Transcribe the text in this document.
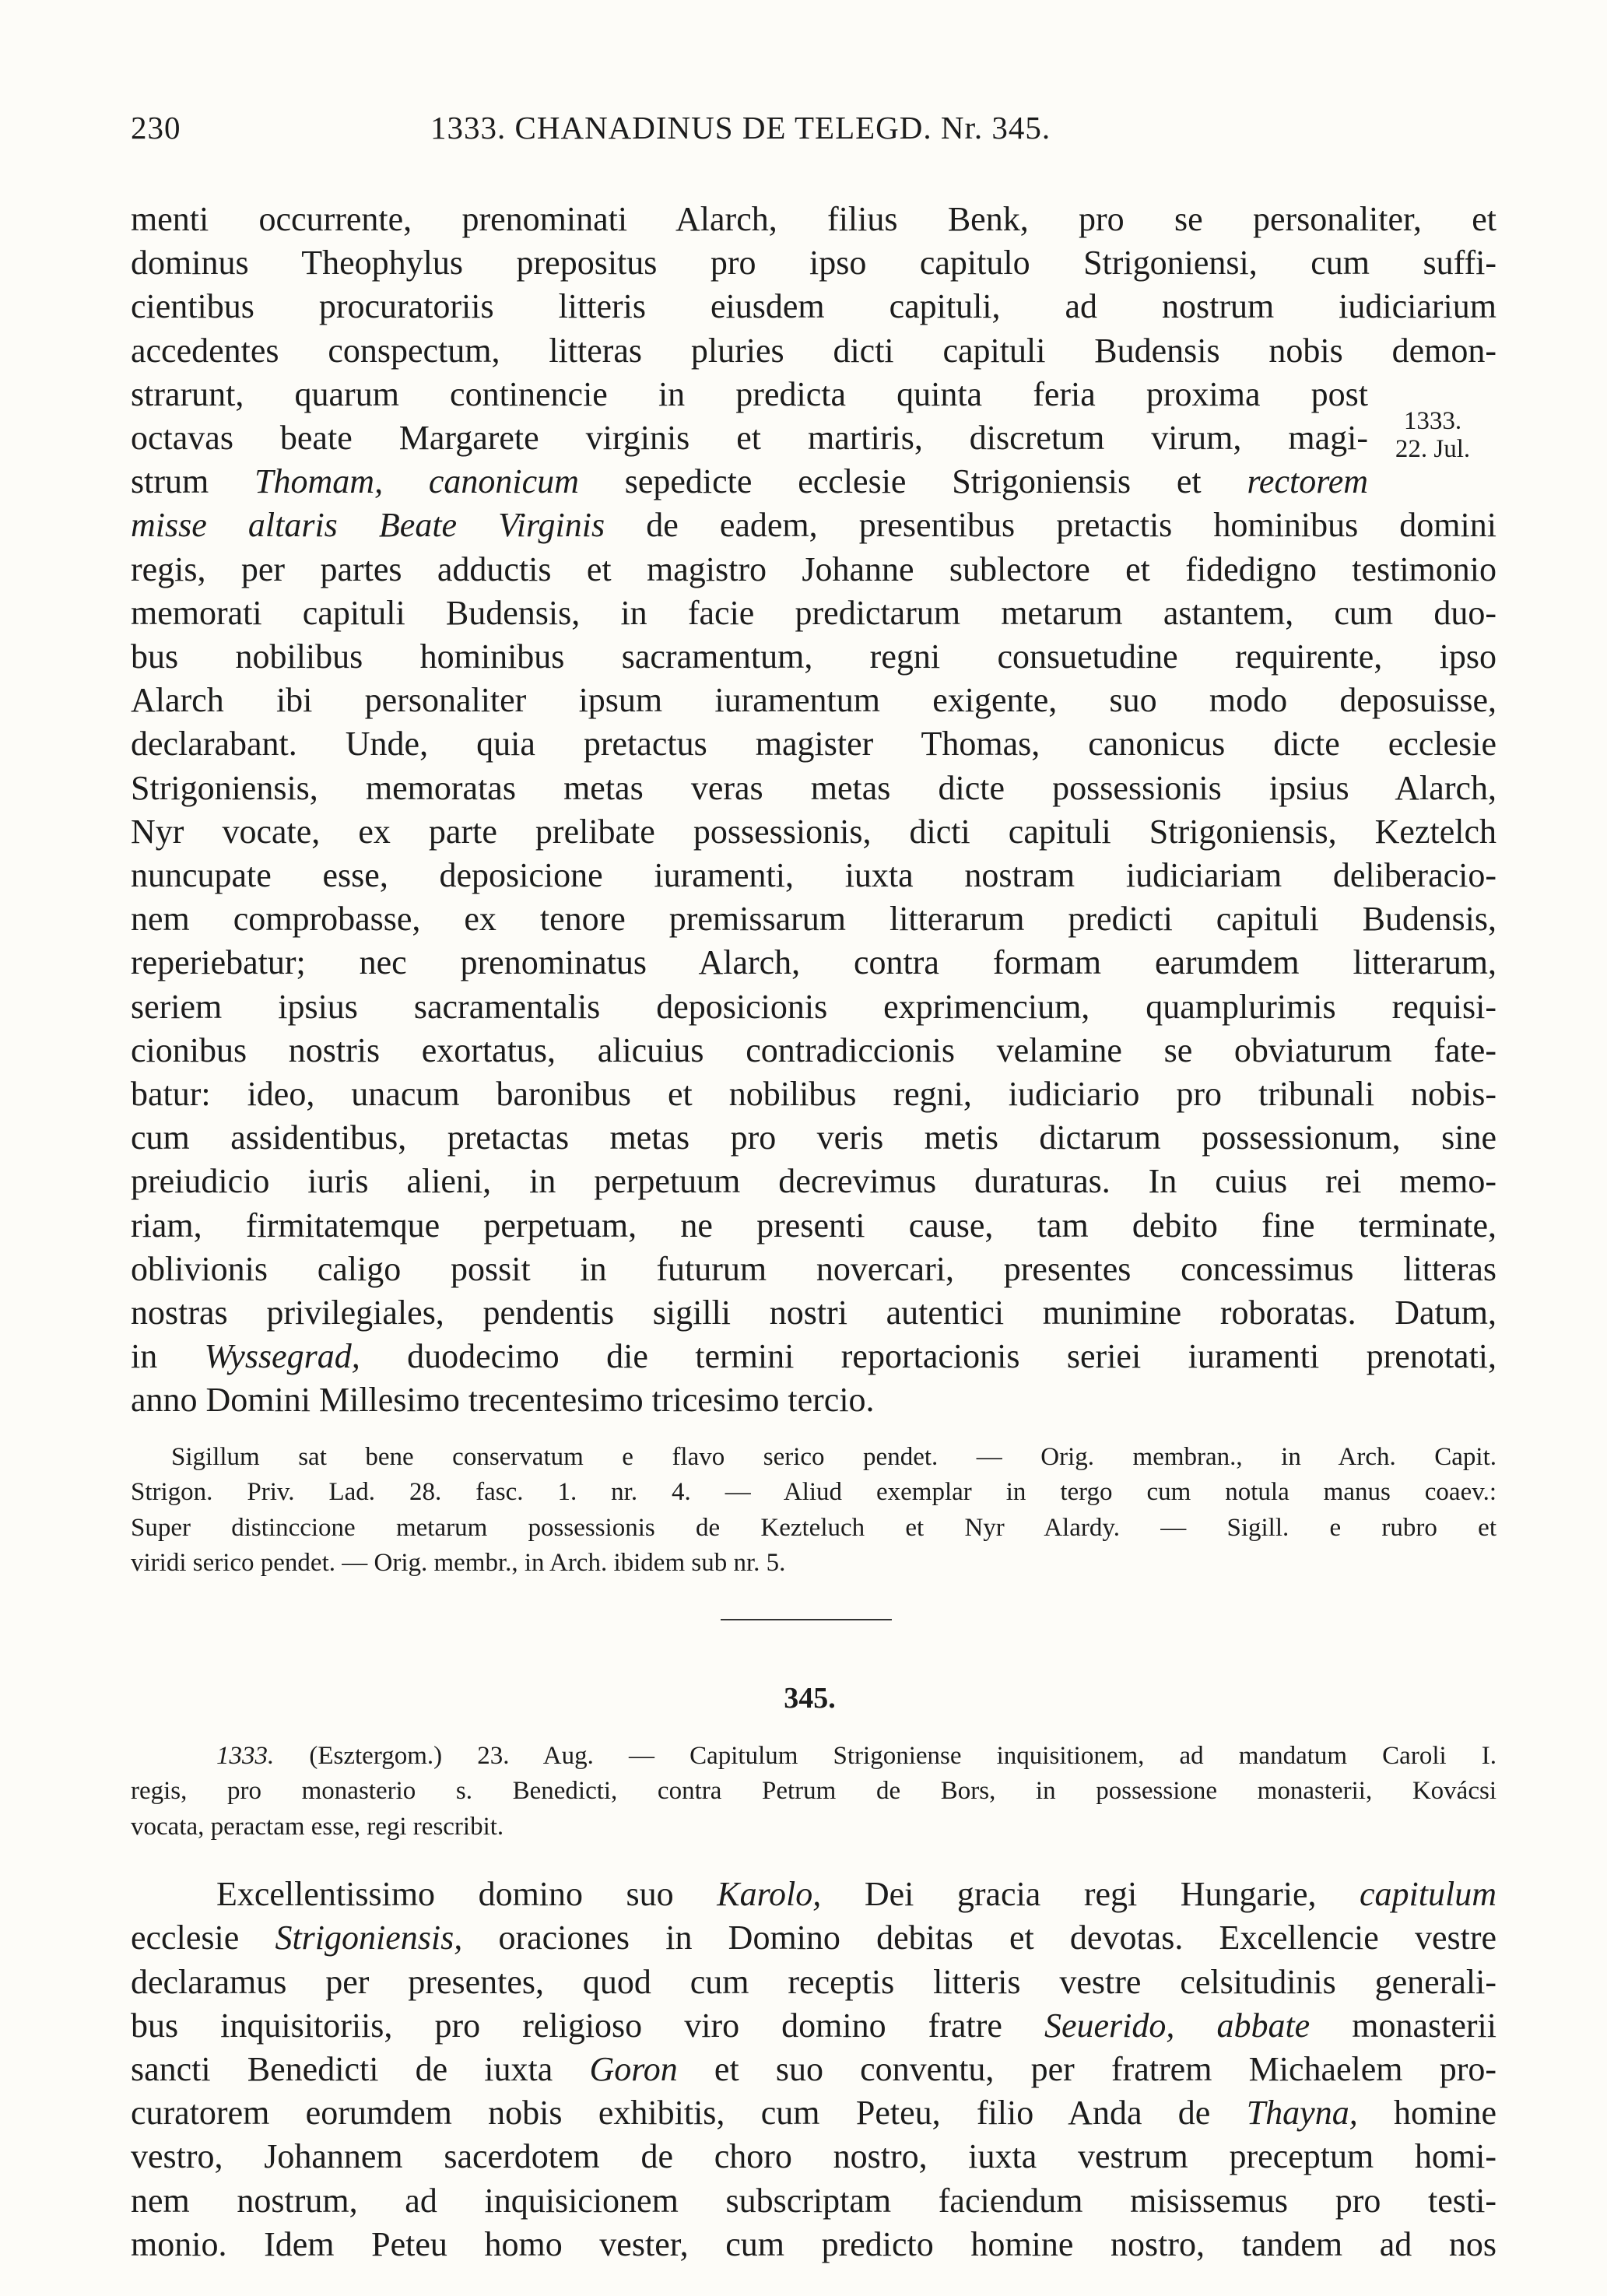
230	1333. CHANADINUS DE TELEGD. Nr. 345.
1333.
22. Jul.
menti occurrente, prenominati Alarch, filius Benk, pro se personaliter, et
dominus Theophylus prepositus pro ipso capitulo Strigoniensi, cum suffi-
cientibus procuratoriis litteris eiusdem capituli, ad nostrum iudiciarium
accedentes conspectum, litteras pluries dicti capituli Budensis nobis demon-
strarunt, quarum continencie in predicta quinta feria proxima post
octavas beate Margarete virginis et martiris, discretum virum, magi-
strum Thomam, canonicum sepedicte ecclesie Strigoniensis et rectorem
misse altaris Beate Virginis de eadem, presentibus pretactis hominibus domini
regis, per partes adductis et magistro Johanne sublectore et fidedigno testimonio
memorati capituli Budensis, in facie predictarum metarum astantem, cum duo-
bus nobilibus hominibus sacramentum, regni consuetudine requirente, ipso
Alarch ibi personaliter ipsum iuramentum exigente, suo modo deposuisse,
declarabant. Unde, quia pretactus magister Thomas, canonicus dicte ecclesie
Strigoniensis, memoratas metas veras metas dicte possessionis ipsius Alarch,
Nyr vocate, ex parte prelibate possessionis, dicti capituli Strigoniensis, Keztelch
nuncupate esse, deposicione iuramenti, iuxta nostram iudiciariam deliberacio-
nem comprobasse, ex tenore premissarum litterarum predicti capituli Budensis,
reperiebatur; nec prenominatus Alarch, contra formam earumdem litterarum,
seriem ipsius sacramentalis deposicionis exprimencium, quamplurimis requisi-
cionibus nostris exortatus, alicuius contradiccionis velamine se obviaturum fate-
batur: ideo, unacum baronibus et nobilibus regni, iudiciario pro tribunali nobis-
cum assidentibus, pretactas metas pro veris metis dictarum possessionum, sine
preiudicio iuris alieni, in perpetuum decrevimus duraturas. In cuius rei memo-
riam, firmitatemque perpetuam, ne presenti cause, tam debito fine terminate,
oblivionis caligo possit in futurum novercari, presentes concessimus litteras
nostras privilegiales, pendentis sigilli nostri autentici munimine roboratas. Datum,
in Wyssegrad, duodecimo die termini reportacionis seriei iuramenti prenotati,
anno Domini Millesimo trecentesimo tricesimo tercio.
Sigillum sat bene conservatum e flavo serico pendet. — Orig. membran., in Arch. Capit.
Strigon. Priv. Lad. 28. fasc. 1. nr. 4. — Aliud exemplar in tergo cum notula manus coaev.:
Super distinccione metarum possessionis de Kezteluch et Nyr Alardy. — Sigill. e rubro et
viridi serico pendet. — Orig. membr., in Arch. ibidem sub nr. 5.
345.
1333. (Esztergom.) 23. Aug. — Capitulum Strigoniense inquisitionem, ad mandatum Caroli I.
regis, pro monasterio s. Benedicti, contra Petrum de Bors, in possessione monasterii, Kovácsi
vocata, peractam esse, regi rescribit.
Excellentissimo domino suo Karolo, Dei gracia regi Hungarie, capitulum
ecclesie Strigoniensis, oraciones in Domino debitas et devotas. Excellencie vestre
declaramus per presentes, quod cum receptis litteris vestre celsitudinis generali-
bus inquisitoriis, pro religioso viro domino fratre Seuerido, abbate monasterii
sancti Benedicti de iuxta Goron et suo conventu, per fratrem Michaelem pro-
curatorem eorumdem nobis exhibitis, cum Peteu, filio Anda de Thayna, homine
vestro, Johannem sacerdotem de choro nostro, iuxta vestrum preceptum homi-
nem nostrum, ad inquisicionem subscriptam faciendum misissemus pro testi-
monio. Idem Peteu homo vester, cum predicto homine nostro, tandem ad nos
